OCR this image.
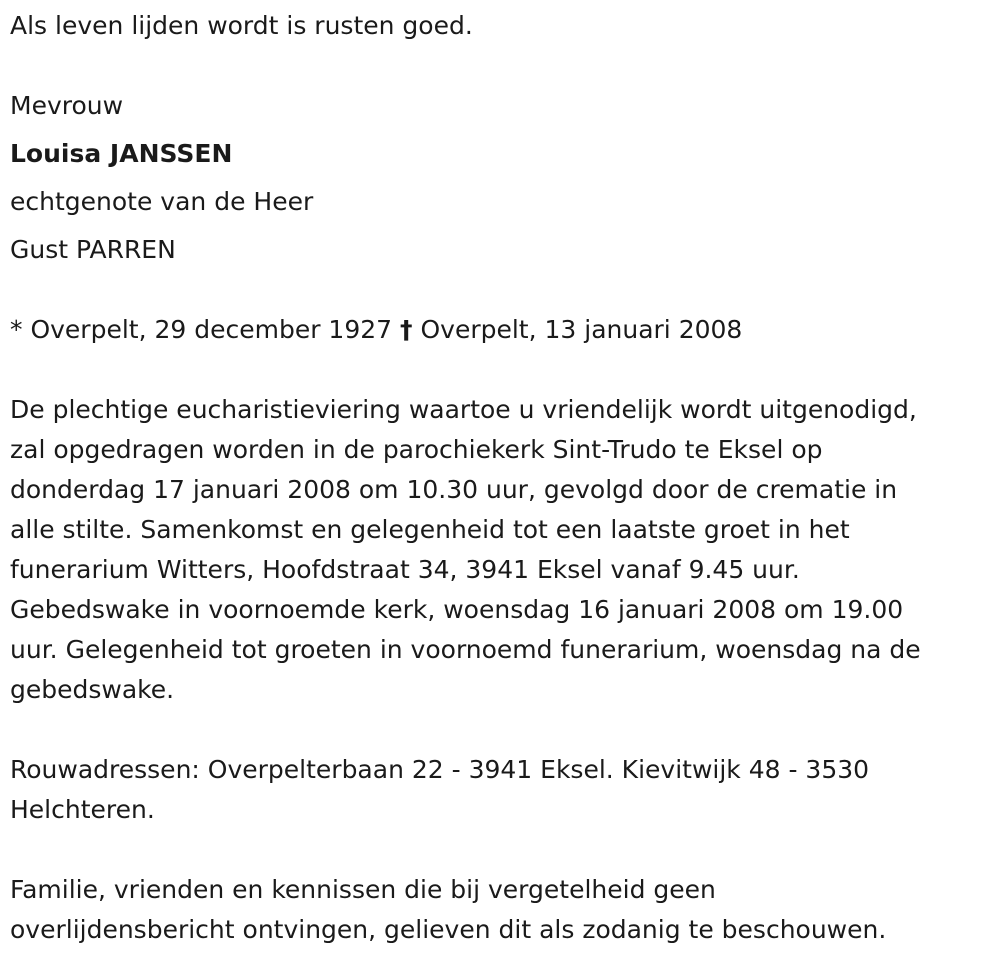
Als leven lijden wordt is rusten goed.
Mevrouw
Louisa JANSSEN
echtgenote van de Heer
Gust PARREN
* Overpelt, 29 december 1927 † Overpelt, 13 januari 2008
De plechtige eucharistieviering waartoe u vriendelijk wordt uitgenodigd,
zal opgedragen worden in de parochiekerk Sint-Trudo te Eksel op
donderdag 17 januari 2008 om 10.30 uur, gevolgd door de crematie in
alle stilte. Samenkomst en gelegenheid tot een laatste groet in het
funerarium Witters, Hoofdstraat 34, 3941 Eksel vanaf 9.45 uur.
Gebedswake in voornoemde kerk, woensdag 16 januari 2008 om 19.00
uur. Gelegenheid tot groeten in voornoemd funerarium, woensdag na de
gebedswake.
Rouwadressen: Overpelterbaan 22 - 3941 Eksel. Kievitwijk 48 - 3530
Helchteren.
Familie, vrienden en kennissen die bij vergetelheid geen
overlijdensbericht ontvingen, gelieven dit als zodanig te beschouwen.
